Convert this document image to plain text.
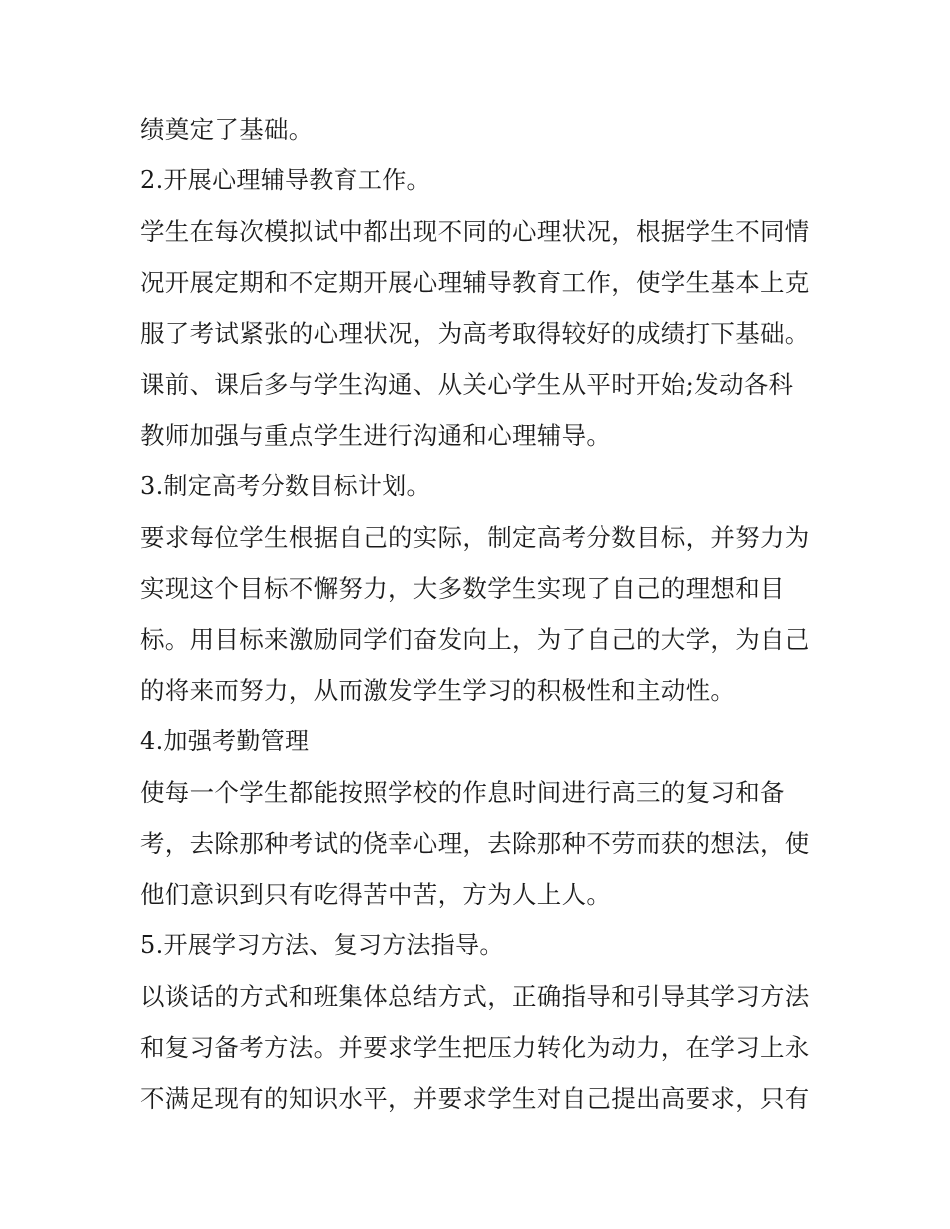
绩奠定了基础。
2.开展心理辅导教育工作。
学生在每次模拟试中都出现不同的心理状况，根据学生不同情
况开展定期和不定期开展心理辅导教育工作，使学生基本上克
服了考试紧张的心理状况，为高考取得较好的成绩打下基础。
课前、课后多与学生沟通、从关心学生从平时开始;发动各科
教师加强与重点学生进行沟通和心理辅导。
3.制定高考分数目标计划。
要求每位学生根据自己的实际，制定高考分数目标，并努力为
实现这个目标不懈努力，大多数学生实现了自己的理想和目
标。用目标来激励同学们奋发向上，为了自己的大学，为自己
的将来而努力，从而激发学生学习的积极性和主动性。
4.加强考勤管理
使每一个学生都能按照学校的作息时间进行高三的复习和备
考，去除那种考试的侥幸心理，去除那种不劳而获的想法，使
他们意识到只有吃得苦中苦，方为人上人。
5.开展学习方法、复习方法指导。
以谈话的方式和班集体总结方式，正确指导和引导其学习方法
和复习备考方法。并要求学生把压力转化为动力，在学习上永
不满足现有的知识水平，并要求学生对自己提出高要求，只有
